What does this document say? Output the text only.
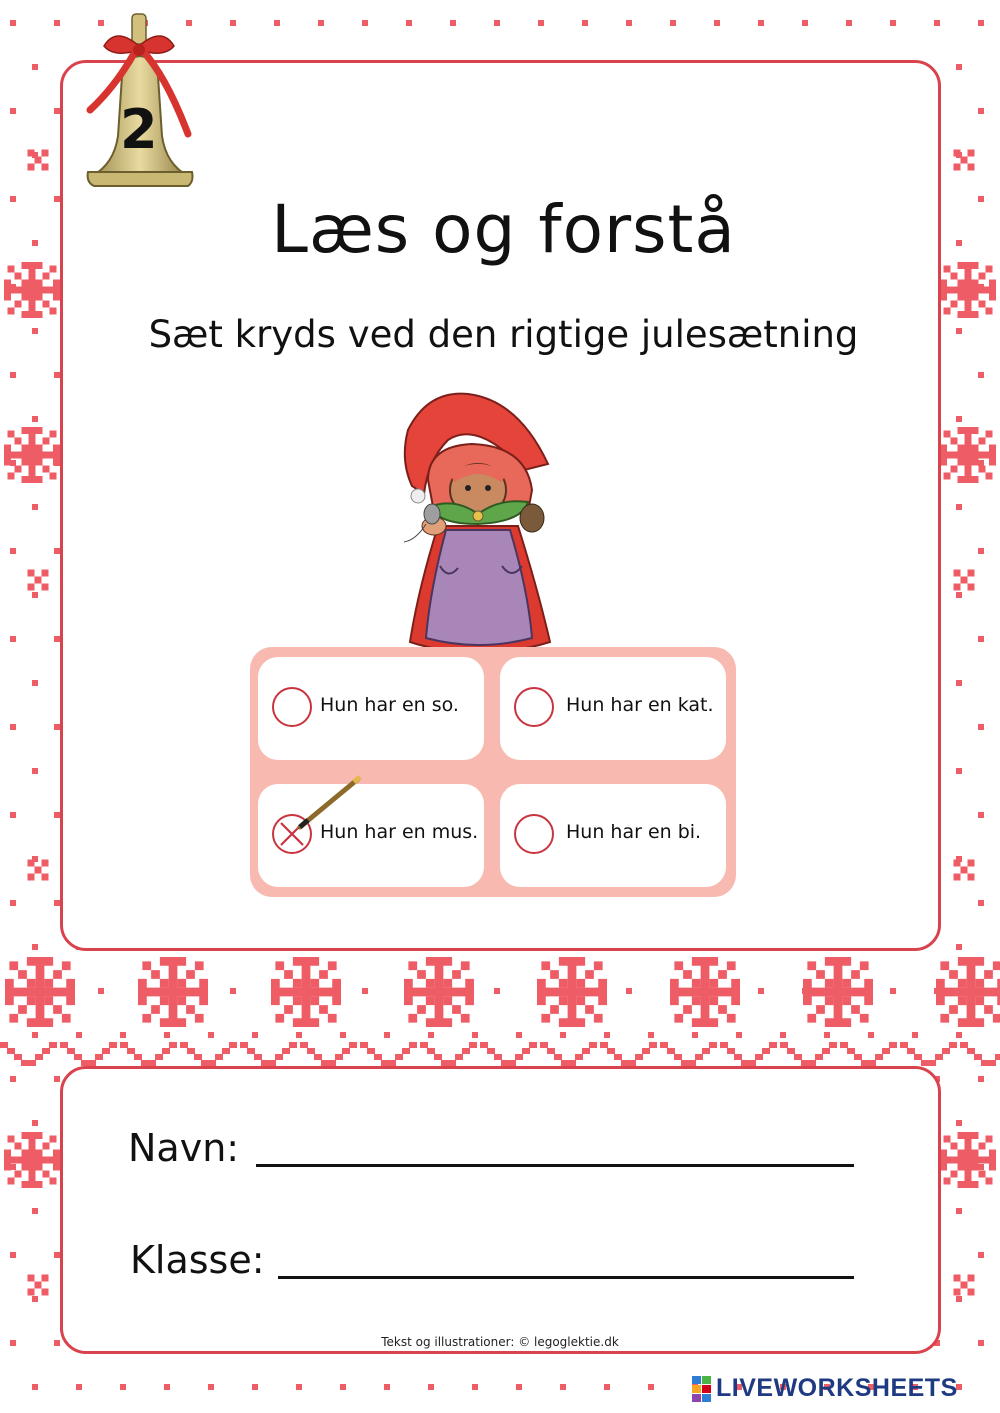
Læs og forstå
Sæt kryds ved den rigtige julesætning
2
Hun har en so.	Hun har en kat.
Hun har en mus.	Hun har en bi.
Navn:
Klasse:
Tekst og illustrationer: © legoglektie.dk
LIVEWORKSHEETS
